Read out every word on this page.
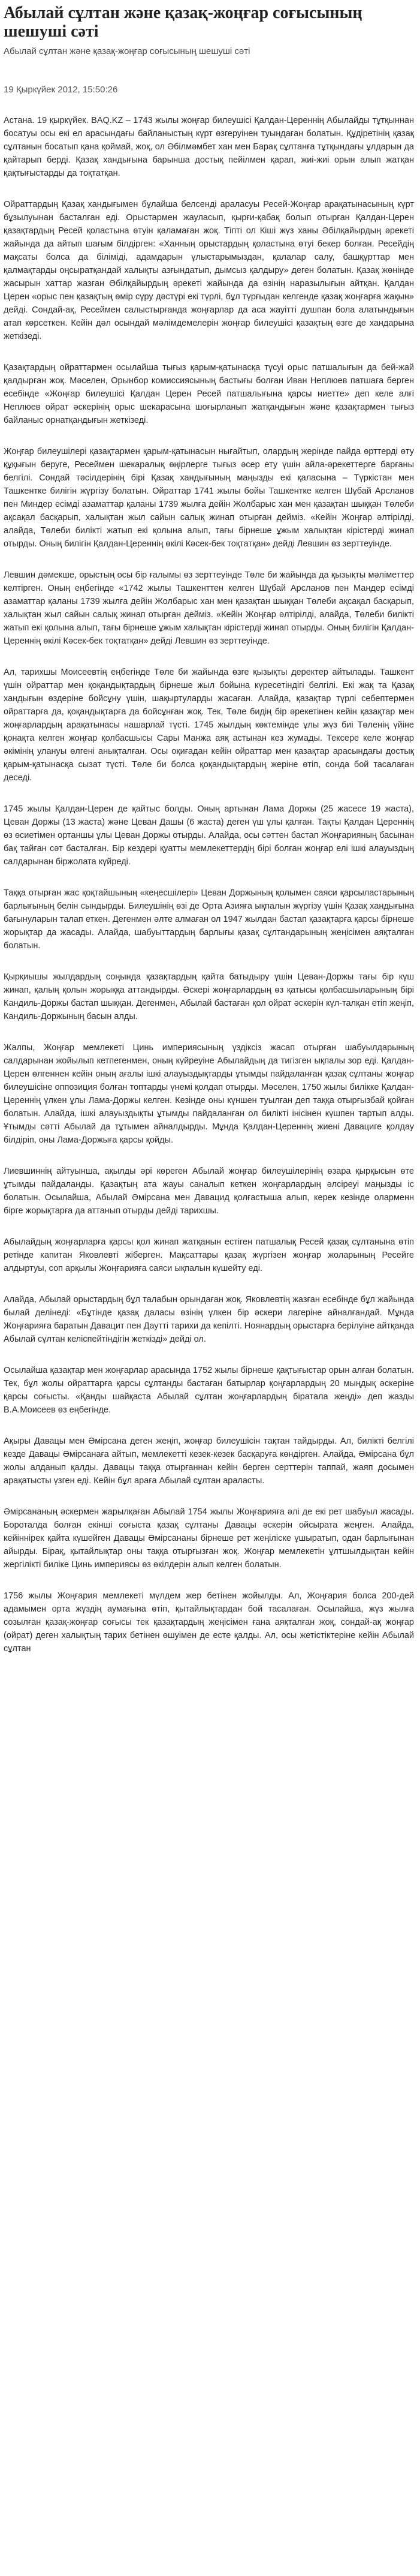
Абылай сұлтан және қазақ-жоңғар соғысының шешуші сәті
Абылай сұлтан және қазақ-жоңғар соғысының шешуші сәті
19 Қыркүйек 2012, 15:50:26

Астана. 19 қыркүйек. BAQ.KZ – 1743 жылы жоңғар билеушісі Қалдан-Цереннің Абылайды тұтқыннан босатуы осы екі ел арасындағы байланыстың күрт өзгеруінен туындаған болатын. Құдіретінің қазақ сұлтанын босатып қана қоймай, жоқ, ол Әбілмәмбет хан мен Барақ сұлтанға тұтқындағы ұлдарын да қайтарып берді. Қазақ хандығына барынша достық пейілмен қарап, жиі-жиі орын алып жатқан қақтығыстарды да тоқтатқан.

Ойраттардың Қазақ хандығымен бұлайша белсенді араласуы Ресей-Жоңғар арақатынасының күрт бұзылуынан басталған еді. Орыстармен жауласып, қырғи-қабақ болып отырған Қалдан-Церен қазақтардың Ресей қоластына өтуін қаламаған жоқ. Тіпті ол Кіші жүз ханы Әбілқайырдың әрекеті жайында да айтып шағым білдірген: «Ханның орыстардың қоластына өтуі бекер болған. Ресейдің мақсаты болса да біліміді, адамдарын ұлыстарымыздан, қалалар салу, башқұрттар мен қалмақтарды оңсыратқандай халықты азғындатып, дымсыз қалдыру» деген болатын. Қазақ жөнінде жасырын хаттар жазған Әбілқайырдың әрекеті жайында да өзінің наразылығын айтқан. Қалдан Церен «орыс пен қазақтың өмір сүру дәстүрі екі түрлі, бұл түрғыдан келгенде қазақ жоңғарға жақын» дейді. Сондай-ақ, Ресеймен салыстырғанда жоңғарлар да аса жауітті душпан бола алатындығын атап көрсеткен. Кейін дәл осындай мәлімдемелерін жоңғар билеушісі қазақтың өзге де хандарына жеткізеді.

Қазақтардың ойраттармен осылайша тығыз қарым-қатынасқа түсуі орыс патшалығын да бей-жай қалдырған жоқ. Мәселен, Орынбор комиссиясының бастығы болған Иван Неплюев патшаға берген есебінде «Жоңғар билеушісі Қалдан Церен Ресей патшалығына қарсы ниетте» деп келе алғі Неплюев ойрат әскерінің орыс шекарасына шоғырланып жатқандығын және қазақтармен тығыз байланыс орнатқандығын жеткізеді.

Жоңғар билеушілері қазақтармен қарым-қатынасын нығайтып, олардың жерінде пайда өрттерді өту құқығын беруге, Ресеймен шекаралық өңірлерге тығыз әсер ету үшін айла-әрекеттерге барғаны белгілі. Сондай тәсілдерінің бірі Қазақ хандығының маңызды екі қаласына – Түркістан мен Ташкентке билігін жүргізу болатын. Ойраттар 1741 жылы бойы Ташкентке келген Шұбай Арсланов пен Миндер есімді азаматтар қаланы 1739 жылға дейін Жолбарыс хан мен қазақтан шыққан Төлеби ақсақал басқарып, халықтан жыл сайын салық жинап отырған дейміз. «Кейін Жоңғар әлтірілді, алайда, Төлеби билікті жатып екі қолына алып, тағы бірнеше ұжым халықтан кірістерді жинап отырды. Оның билігін Қалдан-Цереннің өкілі Кәсек-бек тоқтатқан» дейді Левшин өз зерттеуінде.

Левшин дәмекше, орыстың осы бір ғалымы өз зерттеуінде Төле би жайында да қызықты мәліметтер келтірген. Оның еңбегінде «1742 жылы Ташкенттен келген Шұбай Арсланов пен Мандер есімді азаматтар қаланы 1739 жылға дейін Жолбарыс хан мен қазақтан шыққан Төлеби ақсақал басқарып, халықтан жыл сайын салық жинап отырған дейміз. «Кейін Жоңғар әлтірілді, алайда, Төлеби билікті жатып екі қолына алып, тағы бірнеше ұжым халықтан кірістерді жинап отырды. Оның билігін Қалдан-Цереннің өкілі Кәсек-бек тоқтатқан» дейді Левшин өз зерттеуінде.

Ал, тарихшы Моисеевтің еңбегінде Төле би жайында өзге қызықты деректер айтылады. Ташкент үшін ойраттар мен қоқандықтардың бірнеше жыл бойына күресетіндігі белгілі. Екі жақ та Қазақ хандығын өздеріне бойсұну үшін, шақыртуларды жасаған. Алайда, қазақтар түрлі себептермен ойраттарға да, қоқандықтарға да бойсұнған жоқ. Тек, Төле бидің бір әрекетінен кейін қазақтар мен жоңғарлардың арақатынасы нашарлай түсті. 1745 жылдың көктемінде ұлы жүз биі Төленің үйіне қонақта келген жоңғар қолбасшысы Сары Манжа аяқ астынан кез жумады. Тексере келе жоңғар әкімінің улануы өлгені анықталған. Осы оқиғадан кейін ойраттар мен қазақтар арасындағы достық қарым-қатынасқа сызат түсті. Төле би болса қоқандықтардың жеріне өтіп, сонда бой тасалаған деседі.

1745 жылы Қалдан-Церен де қайтыс болды. Оның артынан Лама Доржы (25 жасесе 19 жаста), Цеван Доржы (13 жаста) және Цеван Дашы (6 жаста) деген үш ұлы қалған. Тақты Қалдан Цереннің өз өсиетімен ортаншы ұлы Цеван Доржы отырды. Алайда, осы сәттен бастап Жоңғарияның басынан бақ тайған сәт басталған. Бір кездері қуатты мемлекеттердің бірі болған жоңғар елі ішкі алауыздың салдарынан біржолата күйреді.

Таққа отырған жас қоқтайшының «кеңесшілері» Цеван Доржының қолымен саяси қарсыластарының барлығының белін сындырды. Билеушінің өзі де Орта Азияға ықпалын жүргізу үшін Қазақ хандығына бағынуларын талап еткен. Дегенмен әлте алмаған ол 1947 жылдан бастап қазақтарға қарсы бірнеше жорықтар да жасады. Алайда, шабуыттардың барлығы қазақ сұлтандарының жеңісімен аяқталған болатын.

Қырқиышы жылдардың соңында қазақтардың қайта батыдыру үшін Цеван-Доржы тағы бір күш жинап, қалың қолын жорыққа аттандырды. Әскері жоңғарлардың өз қатысы қолбасшыларының бірі Кандиль-Доржы бастап шыққан. Дегенмен, Абылай бастаған қол ойрат әскерін күл-талқан етіп жеңіп, Кандиль-Доржының басын алды.

Жалпы, Жоңғар мемлекеті Цинь империясының үздіксіз жасап отырған шабуылдарының салдарынан жойылып кетпегенмен, оның күйреуіне Абылайдың да тигізген ықпалы зор еді. Қалдан-Церен өлгеннен кейін оның ағалы ішкі алауыздықтарды ұтымды пайдаланған қазақ сұлтаны жоңғар билеушісіне оппозиция болған топтарды үнемі қолдап отырды. Мәселен, 1750 жылы билікке Қалдан-Цереннің үлкен ұлы Лама-Доржы келген. Кезінде оны күншен туылған деп таққа отырғызбай қойған болатын. Алайда, ішкі алауыздықты ұтымды пайдаланған ол билікті інісінен күшпен тартып алды. Ұтымды сәтті Абылай да тұтымен айналдырды. Мұнда Қалдан-Цереннің жиені Давациге қолдау білдіріп, оны Лама-Доржыға қарсы қойды.

Лиевшиннің айтуынша, ақылды әрі көреген Абылай жоңғар билеушілерінің өзара қырқысын өте ұтымды пайдаланды. Қазақтың ата жауы саналып кеткен жоңғарлардың әлсіреуі маңызды іс болатын. Осылайша, Абылай Әмірсана мен Давацид қолғастыша алып, керек кезінде оларменн бірге жорықтарға да аттанып отырды дейді тарихшы.

Абылайдың жоңғарларға қарсы қол жинап жатқанын естіген патшалық Ресей қазақ сұлтанына өтіп ретінде капитан Яковлевті жіберген. Мақсаттары қазақ жүргізен жоңғар жоларының Ресейге алдыртуы, соп арқылы Жоңғарияға саяси ықпалын күшейту еді.

Алайда, Абылай орыстардың бұл талабын орындаған жоқ. Яковлевтің жазған есебінде бұл жайында былай делінеді: «Бұтінде қазақ даласы өзінің үлкен бір әскери лагеріне айналғандай. Мұнда Жоңғарияға баратын Давацит пен Даутті тарихи да кепілті. Ноянардың орыстарға берілуіне айтқанда Абылай сұлтан келіспейтіндігін жеткізді» дейді ол.

Осылайша қазақтар мен жоңғарлар арасында 1752 жылы бірнеше қақтығыстар орын алған болатын. Тек, бұл жолы ойраттарға қарсы сұлтанды бастаған батырлар қоңғарлардың 20 мыңдық әскеріне қарсы соғысты. «Қанды шайқаста Абылай сұлтан жоңғарлардың біратала жеңді» деп жазды В.А.Моисеев өз еңбегінде.

Ақыры Давацы мен Әмірсана деген жеңіп, жоңғар билеушісін тақтан тайдырды. Ал, билікті белгілі кезде Давацы Әмірсанаға айтып, мемлекетті кезек-кезек басқаруға көндірген. Алайда, Әмірсана бұл жолы алданып қалды. Давацы таққа отырғаннан кейін берген серттерін таппай, жаяп досымен арақатысты үзген еді. Кейін бұл араға Абылай сұлтан араласты.

Әмірсананың әскермен жарылқаған Абылай 1754 жылы Жоңғарияға әлі де екі рет шабуыл жасады. Бороталда болған екінші соғыста қазақ сұлтаны Давацы әскерін ойсырата жеңген. Алайда, кейіннірек қайта күшейген Давацы Әмірсананы бірнеше рет жеңіліске ұшыратып, одан барлығынан айырды. Бірақ, қытайлықтар оны таққа отырғызған жоқ. Жоңғар мемлекетін ұлтшылдықтан кейін жергілікті биліке Цинь империясы өз өкілдерін алып келген болатын.

1756 жылы Жоңғария мемлекеті мүлдем жер бетінен жойылды. Ал, Жоңғария болса 200-дей адамымен орта жүздің аумағына өтіп, қытайлықтардан бой тасалаған. Осылайша, жүз жылға созылған қазақ-жоңғар соғысы тек қазақтардың жеңісімен ғана аяқталған жоқ, сондай-ақ жоңғар (ойрат) деген халықтың тарих бетінен өшуімен де есте қалды. Ал, осы жетістіктеріне кейін Абылай сұлтан
